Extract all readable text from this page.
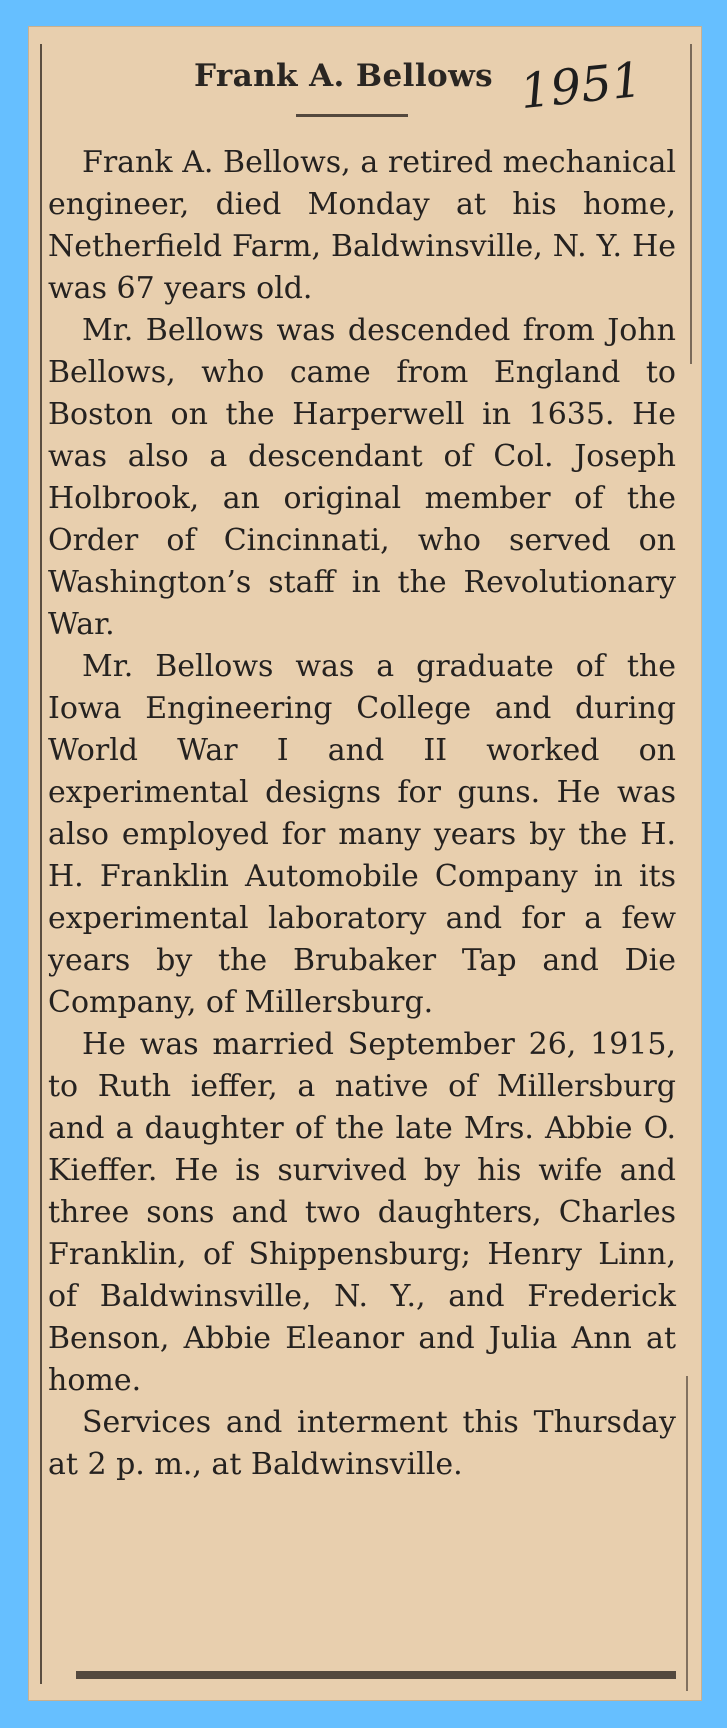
Frank A. Bellows 1951

Frank A. Bellows, a retired mechanical engineer, died Monday at his home, Netherfield Farm, Baldwinsville, N. Y. He was 67 years old.

Mr. Bellows was descended from John Bellows, who came from England to Boston on the Harperwell in 1635. He was also a descendant of Col. Joseph Holbrook, an original member of the Order of Cincinnati, who served on Washington’s staff in the Revolutionary War.

Mr. Bellows was a graduate of the Iowa Engineering College and during World War I and II worked on experimental designs for guns. He was also employed for many years by the H. H. Franklin Automobile Company in its experimental laboratory and for a few years by the Brubaker Tap and Die Company, of Millersburg.

He was married September 26, 1915, to Ruth ieffer, a native of Millersburg and a daughter of the late Mrs. Abbie O. Kieffer. He is survived by his wife and three sons and two daughters, Charles Franklin, of Shippensburg; Henry Linn, of Baldwinsville, N. Y., and Frederick Benson, Abbie Eleanor and Julia Ann at home.

Services and interment this Thursday at 2 p. m., at Baldwinsville.
